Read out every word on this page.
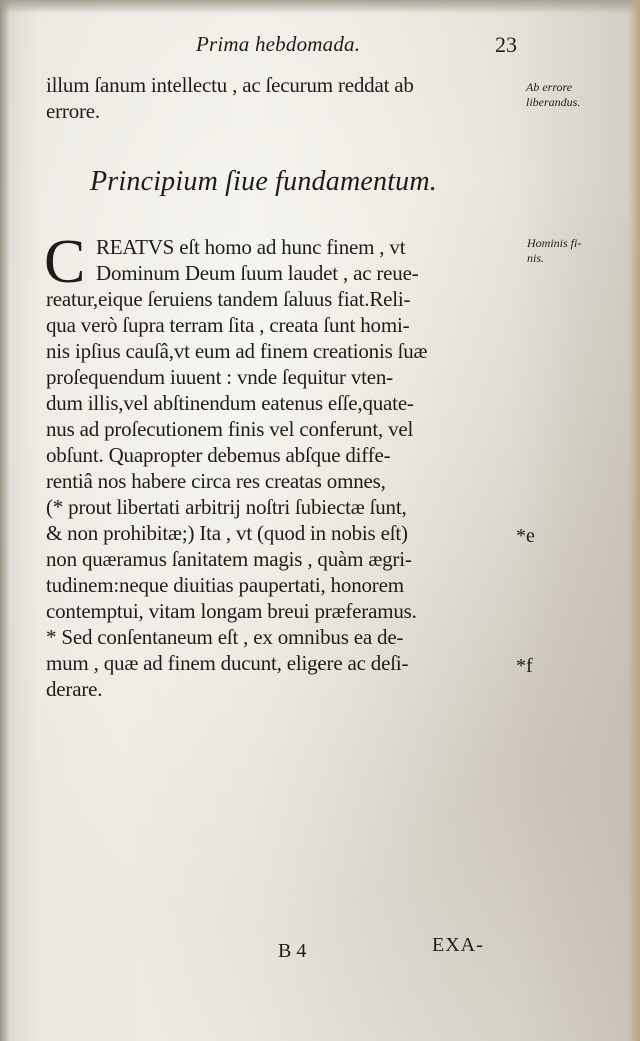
Prima hebdomada.	23
illum ſanum intellectu , ac ſecurum reddat ab
errore.
Ab errore
liberandus.
Principium ſiue fundamentum.
C REATVS eſt homo ad hunc finem , vt
Dominum Deum ſuum laudet , ac reue-
reatur,eique ſeruiens tandem ſaluus fiat.Reli-
qua verò ſupra terram ſita , creata ſunt homi-
nis ipſius cauſâ,vt eum ad finem creationis ſuæ
proſequendum iuuent : vnde ſequitur vten-
dum illis,vel abſtinendum eatenus eſſe,quate-
nus ad proſecutionem finis vel conferunt, vel
obſunt. Quapropter debemus abſque diffe-
rentiâ nos habere circa res creatas omnes,
(* prout libertati arbitrij noſtri ſubiectæ ſunt,
& non prohibitæ;) Ita , vt (quod in nobis eſt)
non quæramus ſanitatem magis , quàm ægri-
tudinem:neque diuitias paupertati, honorem
contemptui, vitam longam breui præferamus.
* Sed conſentaneum eſt , ex omnibus ea de-
mum , quæ ad finem ducunt, eligere ac deſi-
derare.
Hominis fi-
nis.
*e
*f
B 4	EXA-
